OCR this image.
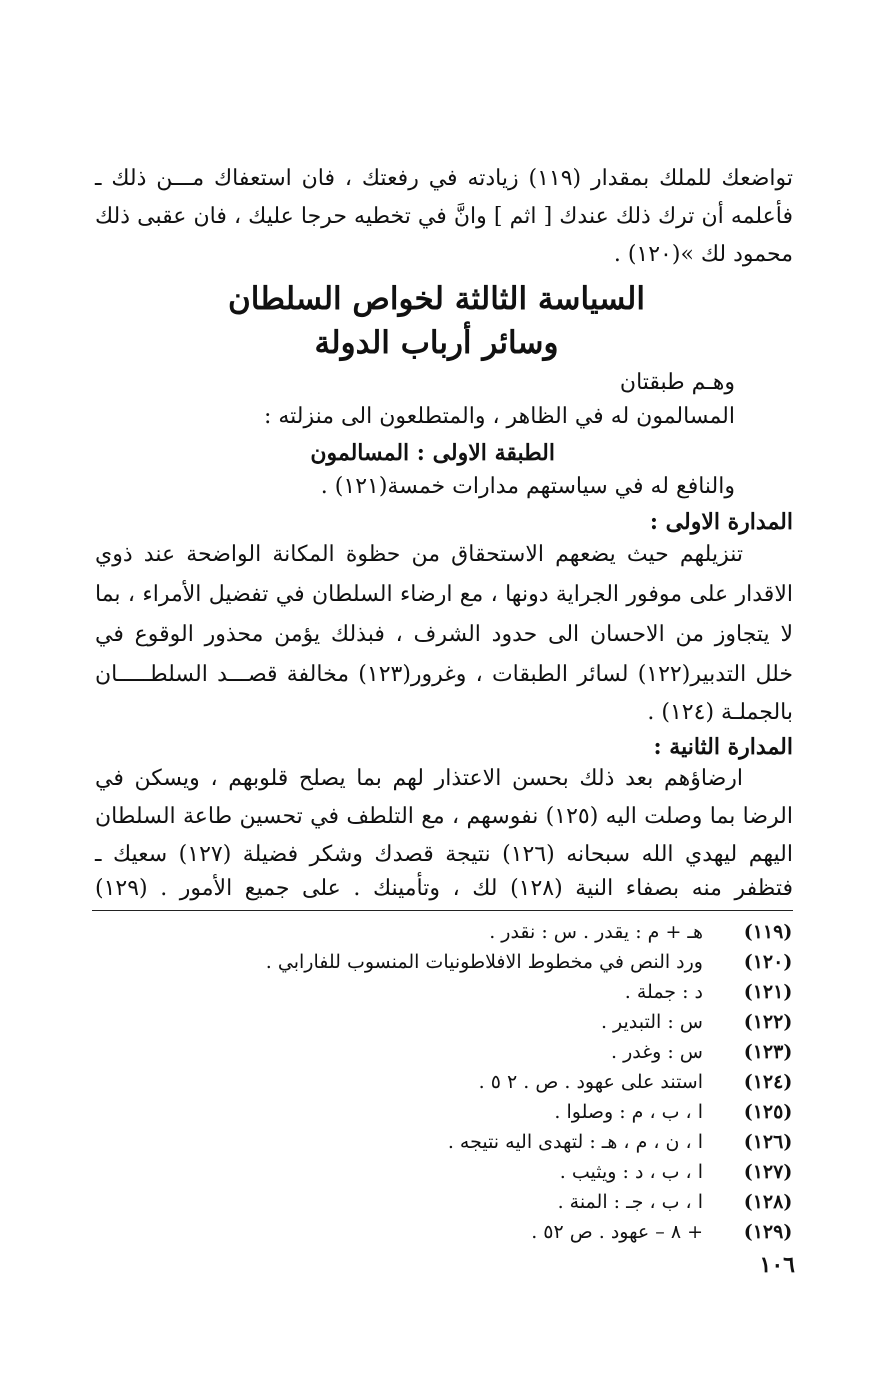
تواضعك للملك بمقدار (١١٩) زيادته في رفعتك ، فان استعفاك مـــن ذلك ـ
فأعلمه أن ترك ذلك عندك [ اثم ] وانَّ في تخطيه حرجا عليك ، فان عقبى ذلك
محمود لك »(١٢٠) .
السياسة الثالثة لخواص السلطان
وسائر أرباب الدولة
وهـم طبقتان
المسالمون له في الظاهر ، والمتطلعون الى منزلته :
الطبقة الاولى : المسالمون
والنافع له في سياستهم مدارات خمسة(١٢١) .
المدارة الاولى :
تنزيلهم حيث يضعهم الاستحقاق من حظوة المكانة الواضحة عند ذوي
الاقدار على موفور الجراية دونها ، مع ارضاء السلطان في تفضيل الأمراء ، بما
لا يتجاوز من الاحسان الى حدود الشرف ، فبذلك يؤمن محذور الوقوع في
خلل التدبير(١٢٢) لسائر الطبقات ، وغرور(١٢٣) مخالفة قصـــد السلطـــــان
بالجملـة (١٢٤) .
المدارة الثانية :
ارضاؤهم بعد ذلك بحسن الاعتذار لهم بما يصلح قلوبهم ، ويسكن في
الرضا بما وصلت اليه (١٢٥) نفوسهم ، مع التلطف في تحسين طاعة السلطان
اليهم ليهدي الله سبحانه (١٢٦) نتيجة قصدك وشكر فضيلة (١٢٧) سعيك ـ
فتظفر منه بصفاء النية (١٢٨) لك ، وتأمينك . على جميع الأمور . (١٢٩)
(١١٩)
هـ + م : يقدر . س : نقدر .
(١٢٠)
ورد النص في مخطوط الافلاطونيات المنسوب للفارابي .
(١٢١)
د : جملة .
(١٢٢)
س : التبدير .
(١٢٣)
س : وغدر .
(١٢٤)
استند على عهود . ص . ٢ ٥ .
(١٢٥)
ا ، ب ، م : وصلوا .
(١٢٦)
ا ، ن ، م ، هـ : لتهدى اليه نتيجه .
(١٢٧)
ا ، ب ، د : ويثيب .
(١٢٨)
ا ، ب ، جـ : المنة .
(١٢٩)
+ ٨ – عهود . ص ٥٢ .
١٠٦
